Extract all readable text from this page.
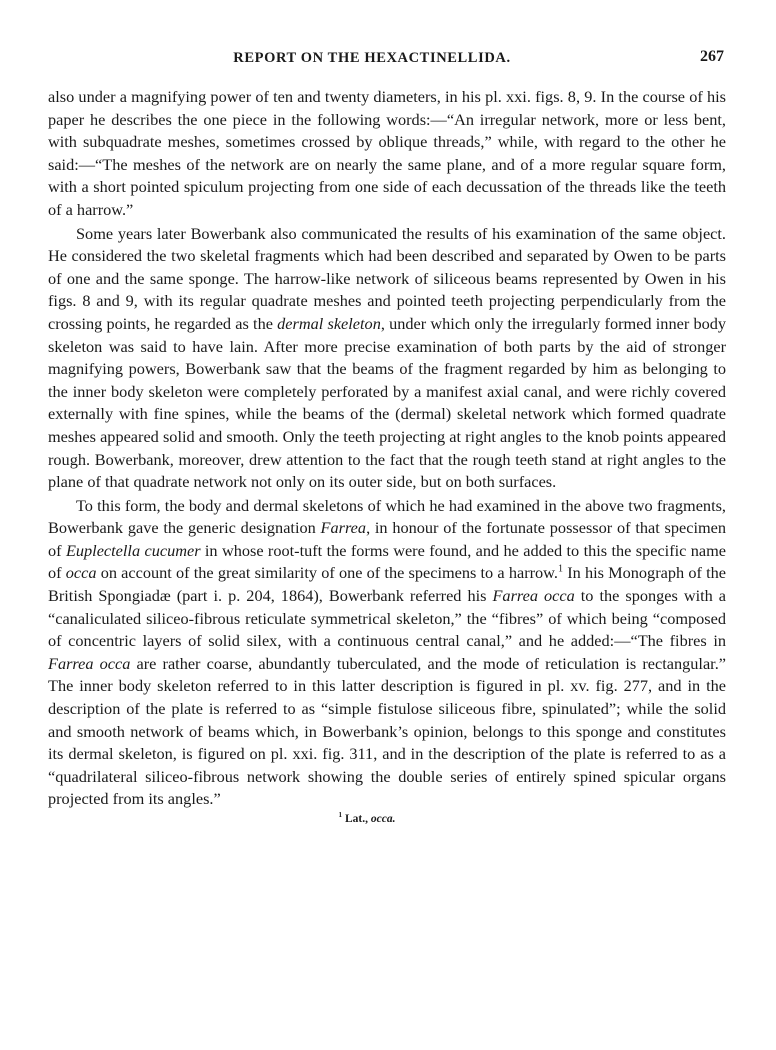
REPORT ON THE HEXACTINELLIDA.	267

also under a magnifying power of ten and twenty diameters, in his pl. xxi. figs. 8, 9. In the course of his paper he describes the one piece in the following words:—“An irregular network, more or less bent, with subquadrate meshes, sometimes crossed by oblique threads,” while, with regard to the other he said:—“The meshes of the network are on nearly the same plane, and of a more regular square form, with a short pointed spiculum projecting from one side of each decussation of the threads like the teeth of a harrow.”

Some years later Bowerbank also communicated the results of his examination of the same object. He considered the two skeletal fragments which had been described and separated by Owen to be parts of one and the same sponge. The harrow-like network of siliceous beams represented by Owen in his figs. 8 and 9, with its regular quadrate meshes and pointed teeth projecting perpendicularly from the crossing points, he regarded as the dermal skeleton, under which only the irregularly formed inner body skeleton was said to have lain. After more precise examination of both parts by the aid of stronger magnifying powers, Bowerbank saw that the beams of the fragment regarded by him as belonging to the inner body skeleton were completely perforated by a manifest axial canal, and were richly covered externally with fine spines, while the beams of the (dermal) skeletal network which formed quadrate meshes appeared solid and smooth. Only the teeth projecting at right angles to the knob points appeared rough. Bowerbank, moreover, drew attention to the fact that the rough teeth stand at right angles to the plane of that quadrate network not only on its outer side, but on both surfaces.

To this form, the body and dermal skeletons of which he had examined in the above two fragments, Bowerbank gave the generic designation Farrea, in honour of the fortunate possessor of that specimen of Euplectella cucumer in whose root-tuft the forms were found, and he added to this the specific name of occa on account of the great similarity of one of the specimens to a harrow.$^1$ In his Monograph of the British Spongiadæ (part i. p. 204, 1864), Bowerbank referred his Farrea occa to the sponges with a “canaliculated siliceo-fibrous reticulate symmetrical skeleton,” the “fibres” of which being “composed of concentric layers of solid silex, with a continuous central canal,” and he added:—“The fibres in Farrea occa are rather coarse, abundantly tuberculated, and the mode of reticulation is rectangular.” The inner body skeleton referred to in this latter description is figured in pl. xv. fig. 277, and in the description of the plate is referred to as “simple fistulose siliceous fibre, spinulated”; while the solid and smooth network of beams which, in Bowerbank’s opinion, belongs to this sponge and constitutes its dermal skeleton, is figured on pl. xxi. fig. 311, and in the description of the plate is referred to as a “quadrilateral siliceo-fibrous network showing the double series of entirely spined spicular organs projected from its angles.”

$^1$ Lat., occa.
